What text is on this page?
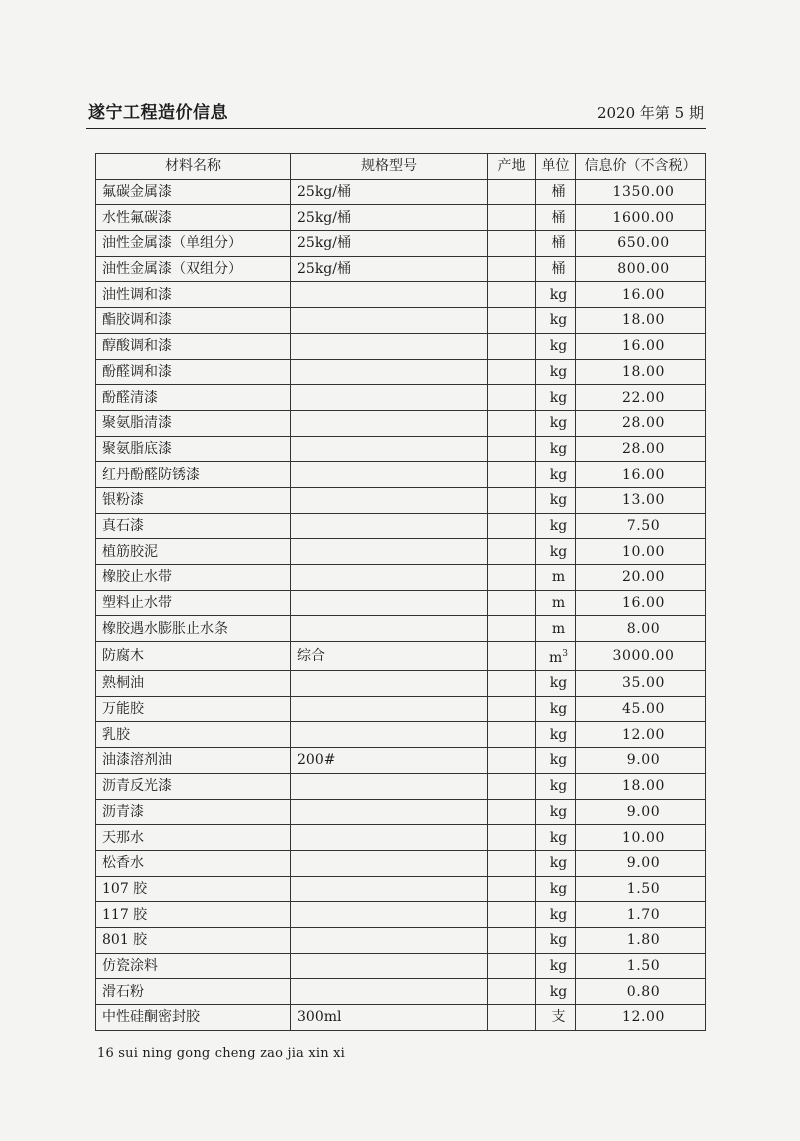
遂宁工程造价信息	2020 年第 5 期
材料名称	规格型号	产地	单位	信息价（不含税）
氟碳金属漆	25kg/桶		桶	1350.00
水性氟碳漆	25kg/桶		桶	1600.00
油性金属漆（单组分）	25kg/桶		桶	650.00
油性金属漆（双组分）	25kg/桶		桶	800.00
油性调和漆			kg	16.00
酯胶调和漆			kg	18.00
醇酸调和漆			kg	16.00
酚醛调和漆			kg	18.00
酚醛清漆			kg	22.00
聚氨脂清漆			kg	28.00
聚氨脂底漆			kg	28.00
红丹酚醛防锈漆			kg	16.00
银粉漆			kg	13.00
真石漆			kg	7.50
植筋胶泥			kg	10.00
橡胶止水带			m	20.00
塑料止水带			m	16.00
橡胶遇水膨胀止水条			m	8.00
防腐木	综合		$m^3$	3000.00
熟桐油			kg	35.00
万能胶			kg	45.00
乳胶			kg	12.00
油漆溶剂油	200#		kg	9.00
沥青反光漆			kg	18.00
沥青漆			kg	9.00
天那水			kg	10.00
松香水			kg	9.00
107 胶			kg	1.50
117 胶			kg	1.70
801 胶			kg	1.80
仿瓷涂料			kg	1.50
滑石粉			kg	0.80
中性硅酮密封胶	300ml		支	12.00
16 sui ning gong cheng zao jia xin xi
